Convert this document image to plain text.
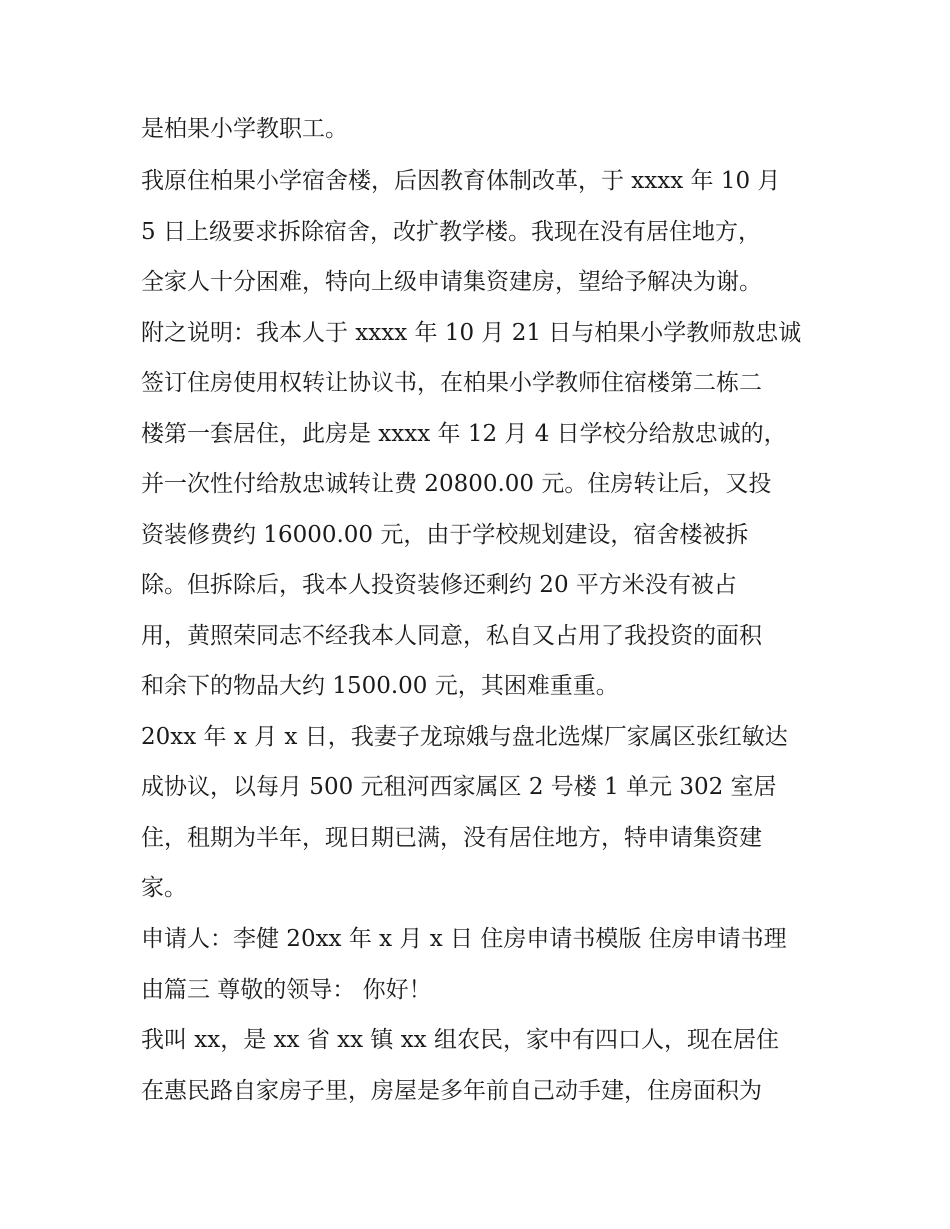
是柏果小学教职工。
我原住柏果小学宿舍楼，后因教育体制改革，于 xxxx 年 10 月
5 日上级要求拆除宿舍，改扩教学楼。我现在没有居住地方，
全家人十分困难，特向上级申请集资建房，望给予解决为谢。
附之说明：我本人于 xxxx 年 10 月 21 日与柏果小学教师敖忠诚
签订住房使用权转让协议书，在柏果小学教师住宿楼第二栋二
楼第一套居住，此房是 xxxx 年 12 月 4 日学校分给敖忠诚的，
并一次性付给敖忠诚转让费 20800.00 元。住房转让后，又投
资装修费约 16000.00 元，由于学校规划建设，宿舍楼被拆
除。但拆除后，我本人投资装修还剩约 20 平方米没有被占
用，黄照荣同志不经我本人同意，私自又占用了我投资的面积
和余下的物品大约 1500.00 元，其困难重重。
20xx 年 x 月 x 日，我妻子龙琼娥与盘北选煤厂家属区张红敏达
成协议，以每月 500 元租河西家属区 2 号楼 1 单元 302 室居
住，租期为半年，现日期已满，没有居住地方，特申请集资建
家。
申请人：李健 20xx 年 x 月 x 日 住房申请书模版 住房申请书理
由篇三 尊敬的领导： 你好！
我叫 xx，是 xx 省 xx 镇 xx 组农民，家中有四口人，现在居住
在惠民路自家房子里，房屋是多年前自己动手建，住房面积为
